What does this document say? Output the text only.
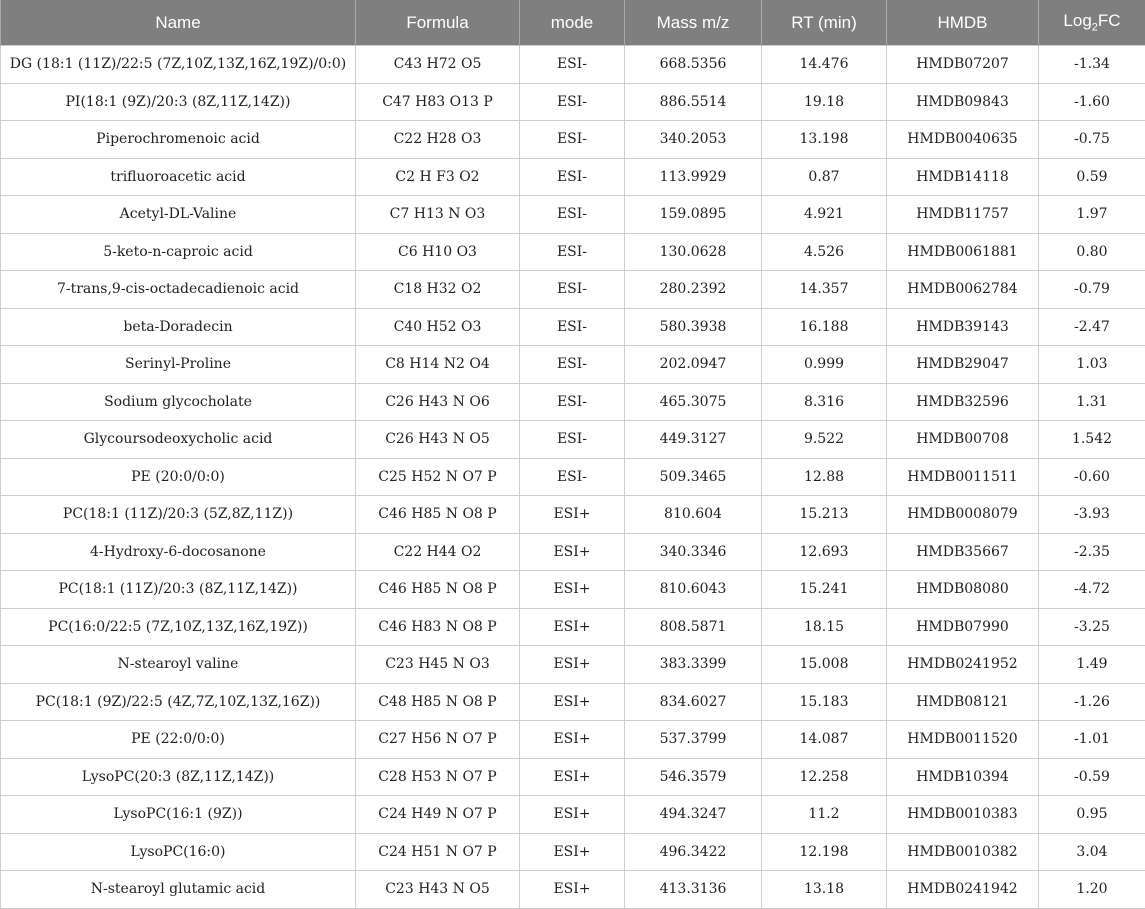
Name	Formula	mode	Mass m/z	RT (min)	HMDB	Log$_2$FC
DG (18:1 (11Z)/22:5 (7Z,10Z,13Z,16Z,19Z)/0:0)	C43 H72 O5	ESI-	668.5356	14.476	HMDB07207	-1.34
PI(18:1 (9Z)/20:3 (8Z,11Z,14Z))	C47 H83 O13 P	ESI-	886.5514	19.18	HMDB09843	-1.60
Piperochromenoic acid	C22 H28 O3	ESI-	340.2053	13.198	HMDB0040635	-0.75
trifluoroacetic acid	C2 H F3 O2	ESI-	113.9929	0.87	HMDB14118	0.59
Acetyl-DL-Valine	C7 H13 N O3	ESI-	159.0895	4.921	HMDB11757	1.97
5-keto-n-caproic acid	C6 H10 O3	ESI-	130.0628	4.526	HMDB0061881	0.80
7-trans,9-cis-octadecadienoic acid	C18 H32 O2	ESI-	280.2392	14.357	HMDB0062784	-0.79
beta-Doradecin	C40 H52 O3	ESI-	580.3938	16.188	HMDB39143	-2.47
Serinyl-Proline	C8 H14 N2 O4	ESI-	202.0947	0.999	HMDB29047	1.03
Sodium glycocholate	C26 H43 N O6	ESI-	465.3075	8.316	HMDB32596	1.31
Glycoursodeoxycholic acid	C26 H43 N O5	ESI-	449.3127	9.522	HMDB00708	1.542
PE (20:0/0:0)	C25 H52 N O7 P	ESI-	509.3465	12.88	HMDB0011511	-0.60
PC(18:1 (11Z)/20:3 (5Z,8Z,11Z))	C46 H85 N O8 P	ESI+	810.604	15.213	HMDB0008079	-3.93
4-Hydroxy-6-docosanone	C22 H44 O2	ESI+	340.3346	12.693	HMDB35667	-2.35
PC(18:1 (11Z)/20:3 (8Z,11Z,14Z))	C46 H85 N O8 P	ESI+	810.6043	15.241	HMDB08080	-4.72
PC(16:0/22:5 (7Z,10Z,13Z,16Z,19Z))	C46 H83 N O8 P	ESI+	808.5871	18.15	HMDB07990	-3.25
N-stearoyl valine	C23 H45 N O3	ESI+	383.3399	15.008	HMDB0241952	1.49
PC(18:1 (9Z)/22:5 (4Z,7Z,10Z,13Z,16Z))	C48 H85 N O8 P	ESI+	834.6027	15.183	HMDB08121	-1.26
PE (22:0/0:0)	C27 H56 N O7 P	ESI+	537.3799	14.087	HMDB0011520	-1.01
LysoPC(20:3 (8Z,11Z,14Z))	C28 H53 N O7 P	ESI+	546.3579	12.258	HMDB10394	-0.59
LysoPC(16:1 (9Z))	C24 H49 N O7 P	ESI+	494.3247	11.2	HMDB0010383	0.95
LysoPC(16:0)	C24 H51 N O7 P	ESI+	496.3422	12.198	HMDB0010382	3.04
N-stearoyl glutamic acid	C23 H43 N O5	ESI+	413.3136	13.18	HMDB0241942	1.20
